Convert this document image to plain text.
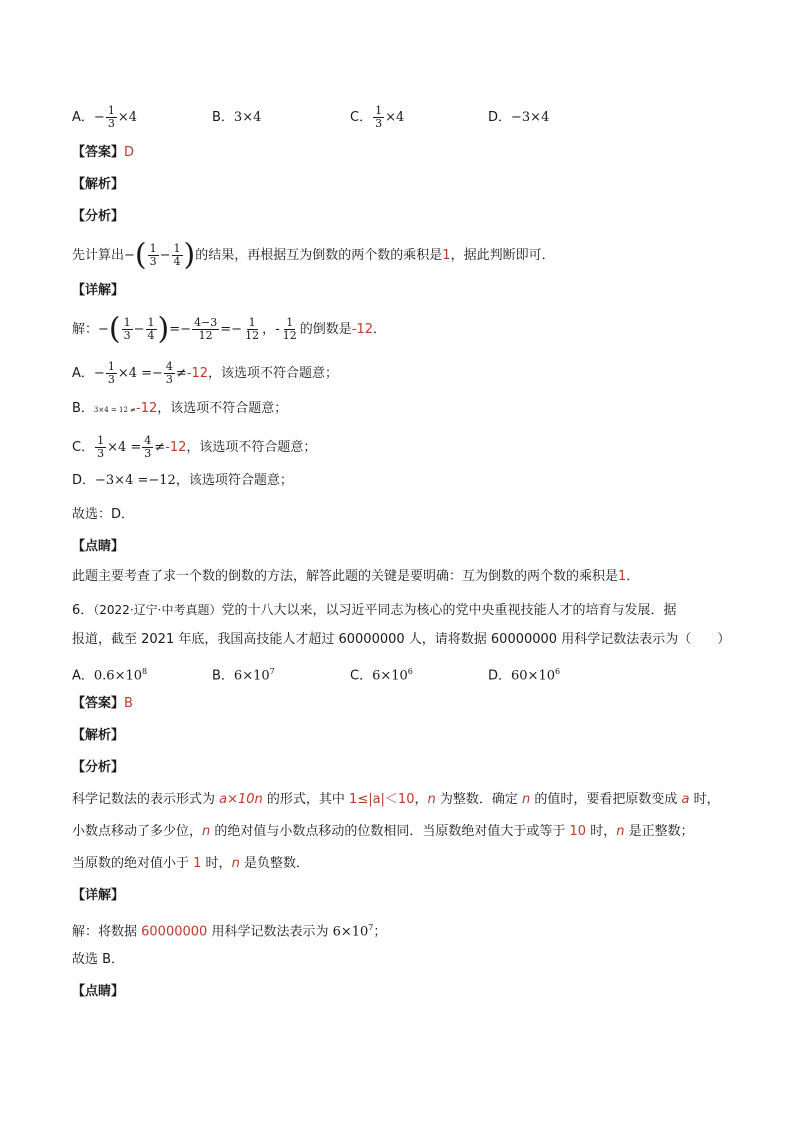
A．− $\frac{1}{3} \times 4$	B．3×4	C． $\frac{1}{3} \times 4$	D．−3×4
【答案】D
【解析】
【分析】
先计算出−( $\frac{1}{3} - \frac{1}{4}$ )的结果，再根据互为倒数的两个数的乘积是1，据此判断即可．
【详解】
解：−( $\frac{1}{3} - \frac{1}{4}$ )=− $\frac{4-3}{12} =- \frac{1}{12}$ ，- $\frac{1}{12}$ 的倒数是-12．
A．− $\frac{1}{3} \times 4 =- \frac{4}{3} \ne-12$，该选项不符合题意；
B．3×4 = 12 ≠-12，该选项不符合题意；
C． $\frac{1}{3} \times 4 = \frac{4}{3} \ne-12$，该选项不符合题意；
D．−3×4 =−12，该选项符合题意；
故选：D．
【点睛】
此题主要考查了求一个数的倒数的方法，解答此题的关键是要明确：互为倒数的两个数的乘积是1．
6．（2022·辽宁·中考真题）党的十八大以来，以习近平同志为核心的党中央重视技能人才的培育与发展．据
报道，截至 2021 年底，我国高技能人才超过 60000000 人，请将数据 60000000 用科学记数法表示为（　　）
A．$0.6\times 10^8$	B．$6\times 10^7$	C．$6\times 10^6$	D．$60\times 10^6$
【答案】B
【解析】
【分析】
科学记数法的表示形式为 a×10n 的形式，其中 1≤|a|＜10，n 为整数．确定 n 的值时，要看把原数变成 a 时，
小数点移动了多少位，n 的绝对值与小数点移动的位数相同．当原数绝对值大于或等于 10 时，n 是正整数；
当原数的绝对值小于 1 时，n 是负整数．
【详解】
解：将数据 60000000 用科学记数法表示为 $6\times 10^7$；
故选 B．
【点睛】
